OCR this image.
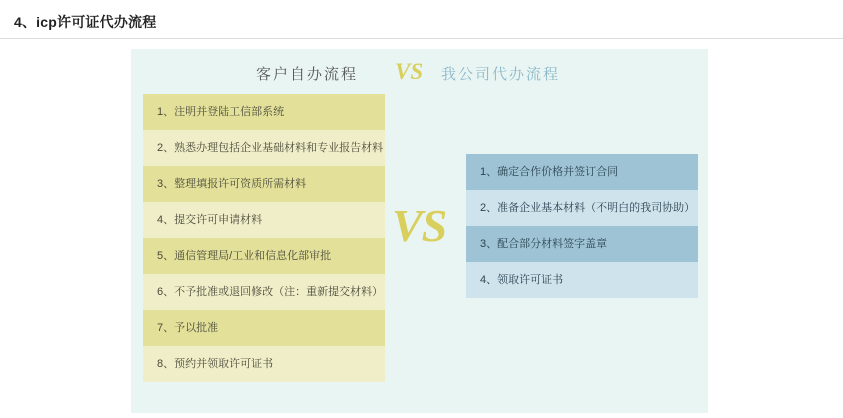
4、icp许可证代办流程
客户自办流程 VS 我公司代办流程
1、注明并登陆工信部系统
2、熟悉办理包括企业基础材料和专业报告材料
3、整理填报许可资质所需材料
4、提交许可申请材料
5、通信管理局/工业和信息化部审批
6、不予批准或退回修改（注：重新提交材料）
7、予以批准
8、预约并领取许可证书
VS
1、确定合作价格并签订合同
2、准备企业基本材料（不明白的我司协助）
3、配合部分材料签字盖章
4、领取许可证书
